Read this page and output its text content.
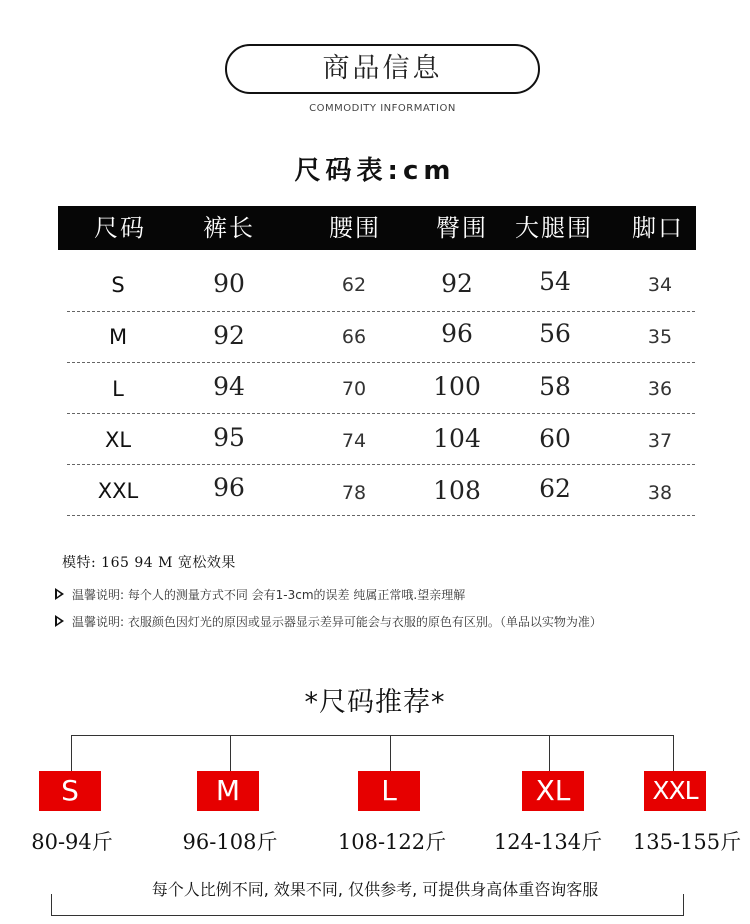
商品信息
COMMODITY INFORMATION
尺码表:cm
尺码 裤长	腰围 臀围 大腿围 脚口
S	90	62	92	54	34
M	92	66	96	56	35
L	94	70	100 58	36
XL	95	74	104 60	37
XXL	96	78	108 62	38
模特: 165 94 M 宽松效果
温馨说明: 每个人的测量方式不同 会有1-3cm的误差 纯属正常哦.望亲理解
温馨说明: 衣服颜色因灯光的原因或显示器显示差异可能会与衣服的原色有区别。（单品以实物为准）
*尺码推荐*
S	M	L	XL	XXL
80-94斤	96-108斤	108-122斤 124-134斤 135-155斤
每个人比例不同, 效果不同, 仅供参考, 可提供身高体重咨询客服
